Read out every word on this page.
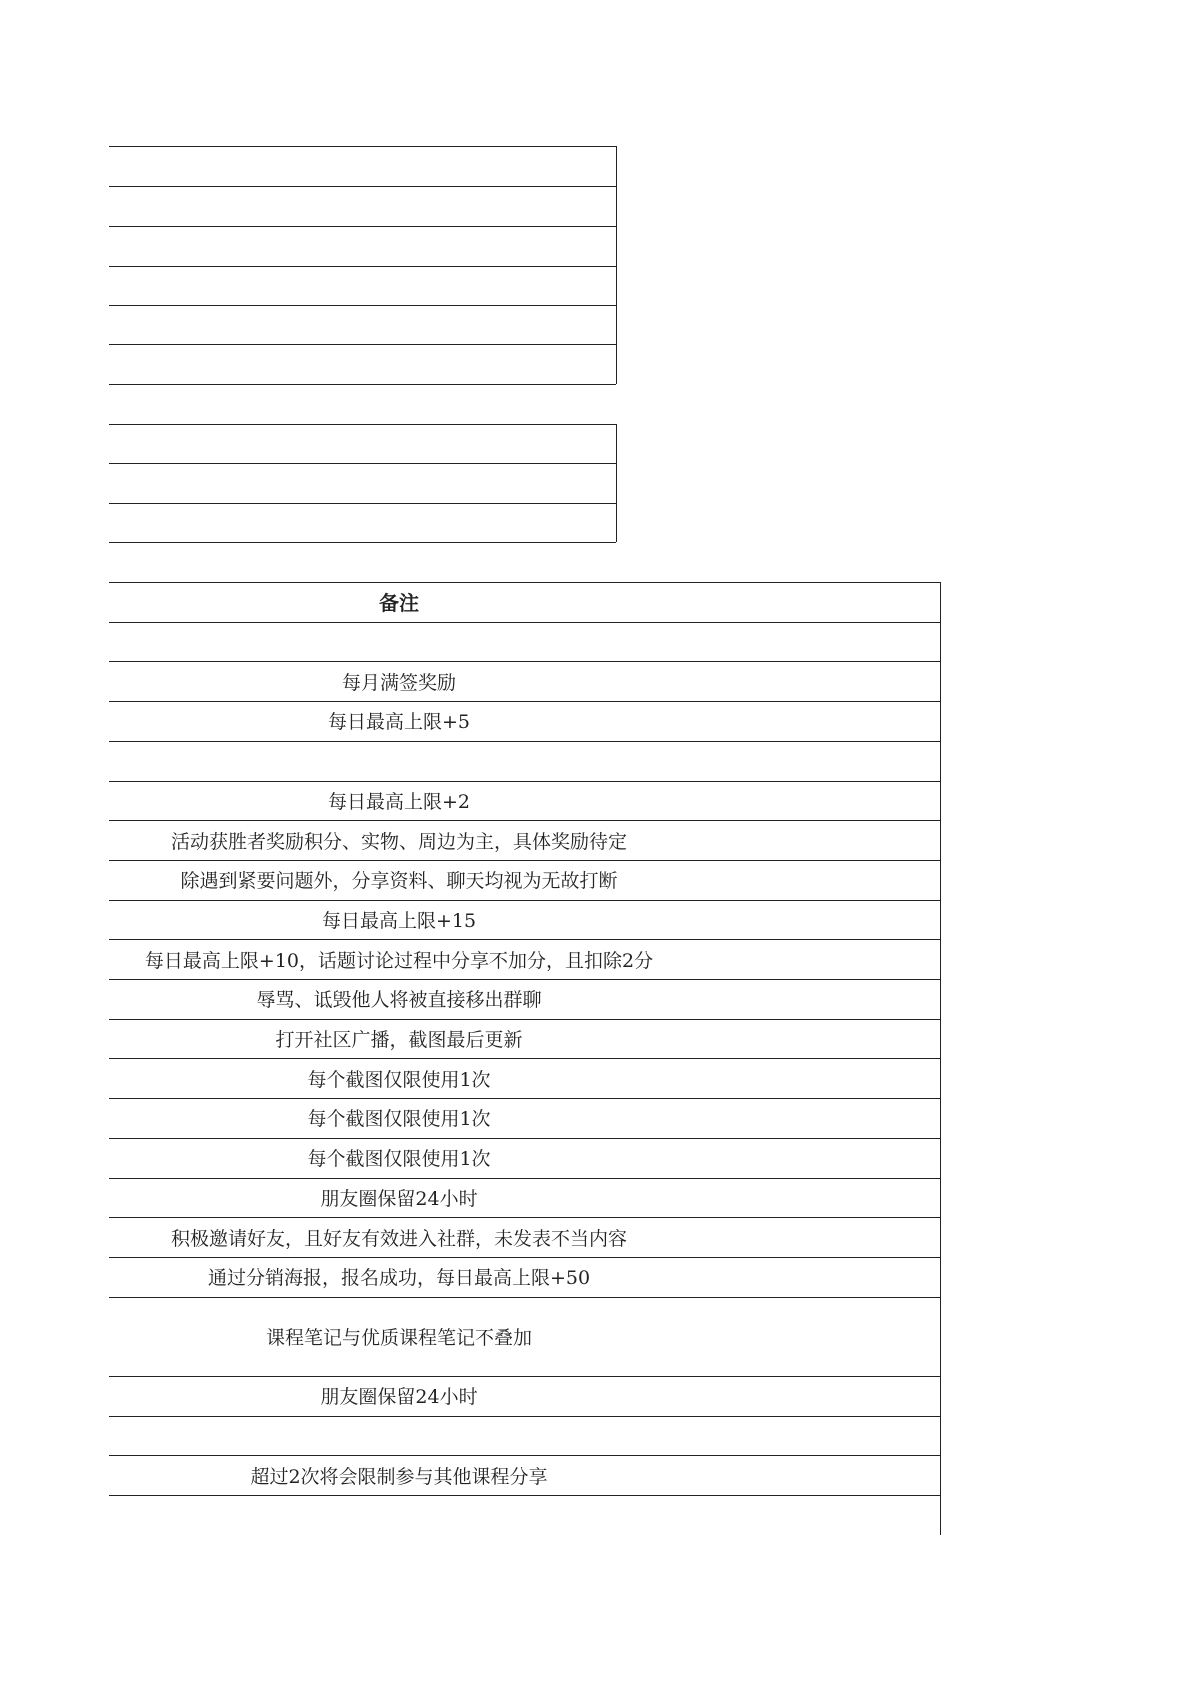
备注
每月满签奖励
每日最高上限+5
每日最高上限+2
活动获胜者奖励积分、实物、周边为主，具体奖励待定
除遇到紧要问题外，分享资料、聊天均视为无故打断
每日最高上限+15
每日最高上限+10，话题讨论过程中分享不加分，且扣除2分
辱骂、诋毁他人将被直接移出群聊
打开社区广播，截图最后更新
每个截图仅限使用1次
每个截图仅限使用1次
每个截图仅限使用1次
朋友圈保留24小时
积极邀请好友，且好友有效进入社群，未发表不当内容
通过分销海报，报名成功，每日最高上限+50
课程笔记与优质课程笔记不叠加
朋友圈保留24小时
超过2次将会限制参与其他课程分享
